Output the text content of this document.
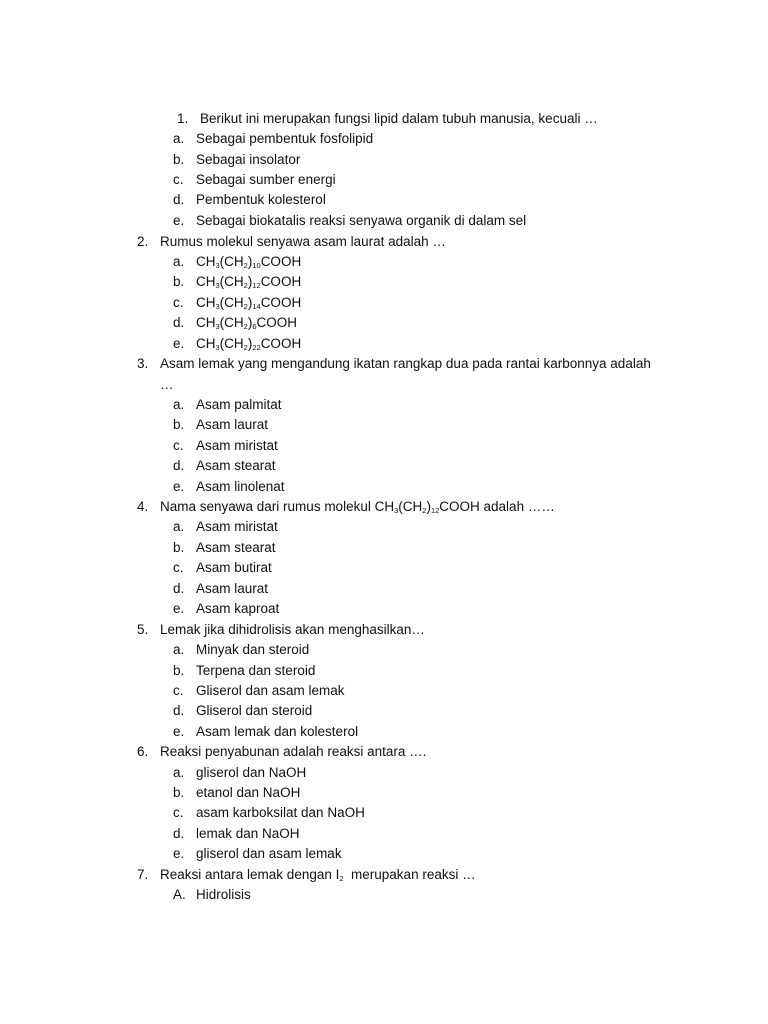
1. Berikut ini merupakan fungsi lipid dalam tubuh manusia, kecuali …
a. Sebagai pembentuk fosfolipid
b. Sebagai insolator
c. Sebagai sumber energi
d. Pembentuk kolesterol
e. Sebagai biokatalis reaksi senyawa organik di dalam sel
2. Rumus molekul senyawa asam laurat adalah …
a. $CH_3(CH_2)_{10}COOH$
b. $CH_3(CH_2)_{12}COOH$
c. $CH_3(CH_2)_{14}COOH$
d. $CH_3(CH_2)_6COOH$
e. $CH_3(CH_2)_{22}COOH$
3. Asam lemak yang mengandung ikatan rangkap dua pada rantai karbonnya adalah
…
a. Asam palmitat
b. Asam laurat
c. Asam miristat
d. Asam stearat
e. Asam linolenat
4. Nama senyawa dari rumus molekul $CH_3(CH_2)_{12}COOH$ adalah ……
a. Asam miristat
b. Asam stearat
c. Asam butirat
d. Asam laurat
e. Asam kaproat
5. Lemak jika dihidrolisis akan menghasilkan…
a. Minyak dan steroid
b. Terpena dan steroid
c. Gliserol dan asam lemak
d. Gliserol dan steroid
e. Asam lemak dan kolesterol
6. Reaksi penyabunan adalah reaksi antara ….
a. gliserol dan NaOH
b. etanol dan NaOH
c. asam karboksilat dan NaOH
d. lemak dan NaOH
e. gliserol dan asam lemak
7. Reaksi antara lemak dengan $I_2$  merupakan reaksi …
A. Hidrolisis
